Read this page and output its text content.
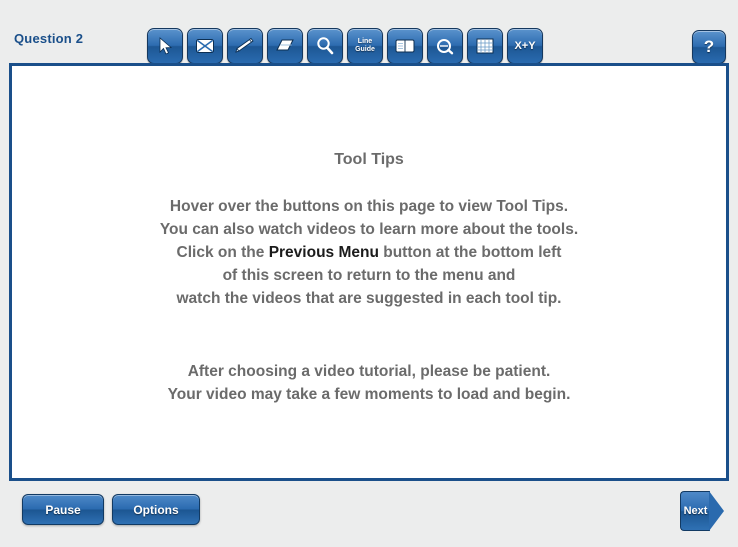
Question 2	Line
Guide	X+Y	?
Tool Tips
Hover over the buttons on this page to view Tool Tips.
You can also watch videos to learn more about the tools.
Click on the Previous Menu button at the bottom left
of this screen to return to the menu and
watch the videos that are suggested in each tool tip.
After choosing a video tutorial, please be patient.
Your video may take a few moments to load and begin.
Pause	Options	Next
